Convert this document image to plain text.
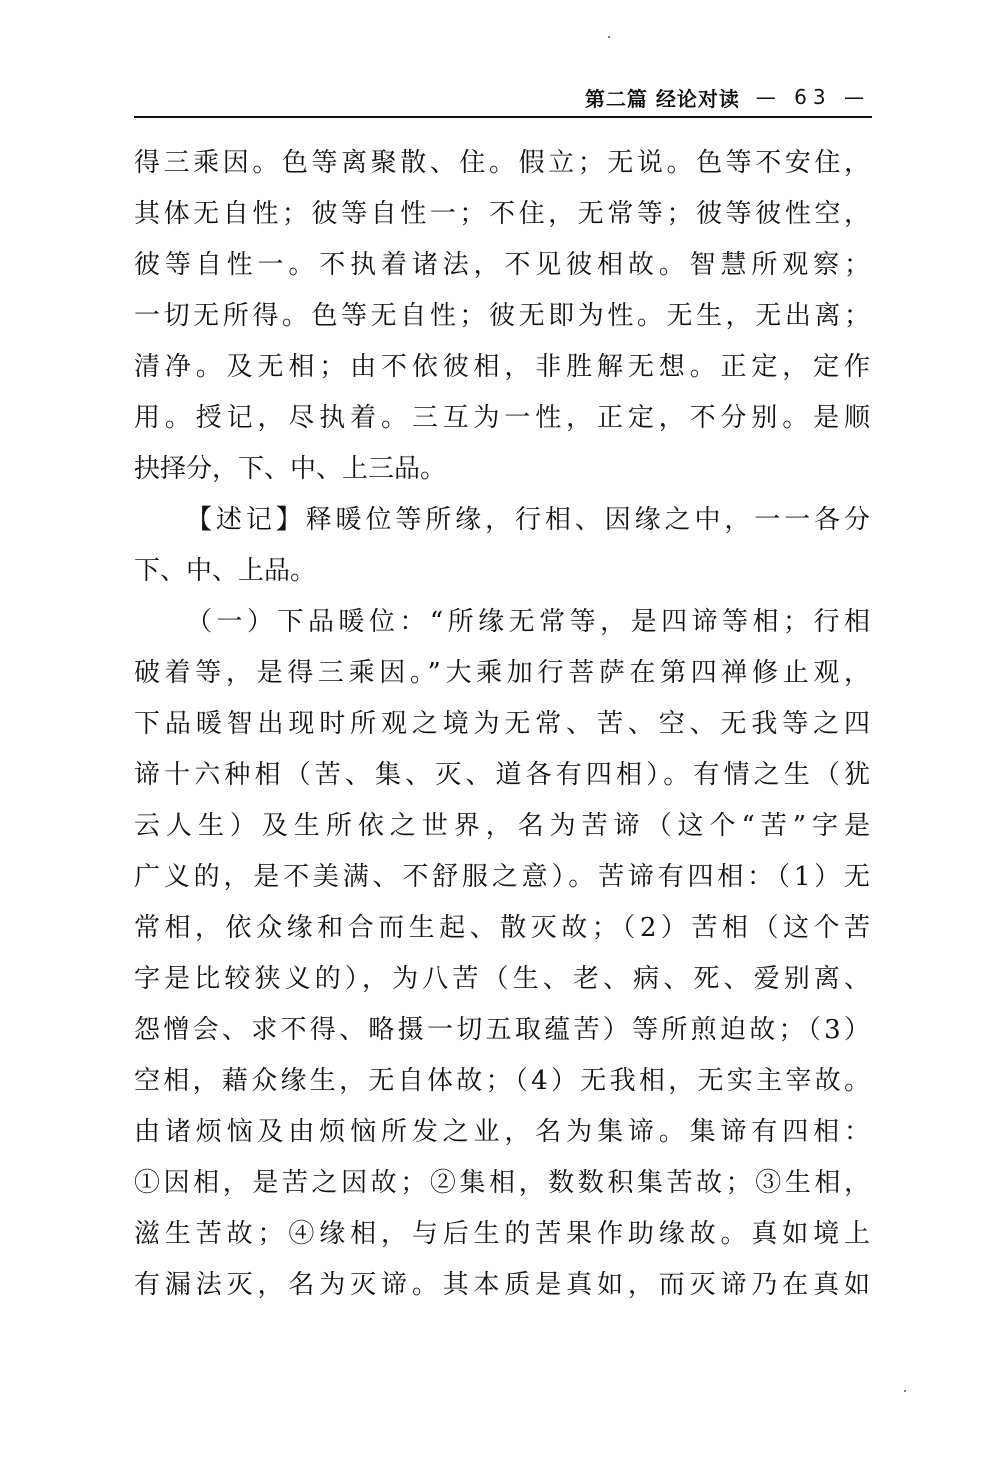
第二篇 经论对读 — 63 —
得三乘因。色等离聚散、住。假立；无说。色等不安住，
其体无自性；彼等自性一；不住，无常等；彼等彼性空，
彼等自性一。不执着诸法，不见彼相故。智慧所观察；
一切无所得。色等无自性；彼无即为性。无生，无出离；
清净。及无相；由不依彼相，非胜解无想。正定，定作
用。授记，尽执着。三互为一性，正定，不分别。是顺
抉择分，下、中、上三品。
【述记】释暖位等所缘，行相、因缘之中，一一各分
下、中、上品。
（一）下品暖位：“所缘无常等，是四谛等相；行相
破着等，是得三乘因。”大乘加行菩萨在第四禅修止观，
下品暖智出现时所观之境为无常、苦、空、无我等之四
谛十六种相（苦、集、灭、道各有四相）。有情之生（犹
云人生）及生所依之世界，名为苦谛（这个“苦”字是
广义的，是不美满、不舒服之意）。苦谛有四相：（1）无
常相，依众缘和合而生起、散灭故；（2）苦相（这个苦
字是比较狭义的），为八苦（生、老、病、死、爱别离、
怨憎会、求不得、略摄一切五取蕴苦）等所煎迫故；（3）
空相，藉众缘生，无自体故；（4）无我相，无实主宰故。
由诸烦恼及由烦恼所发之业，名为集谛。集谛有四相：
①因相，是苦之因故；②集相，数数积集苦故；③生相，
滋生苦故；④缘相，与后生的苦果作助缘故。真如境上
有漏法灭，名为灭谛。其本质是真如，而灭谛乃在真如
